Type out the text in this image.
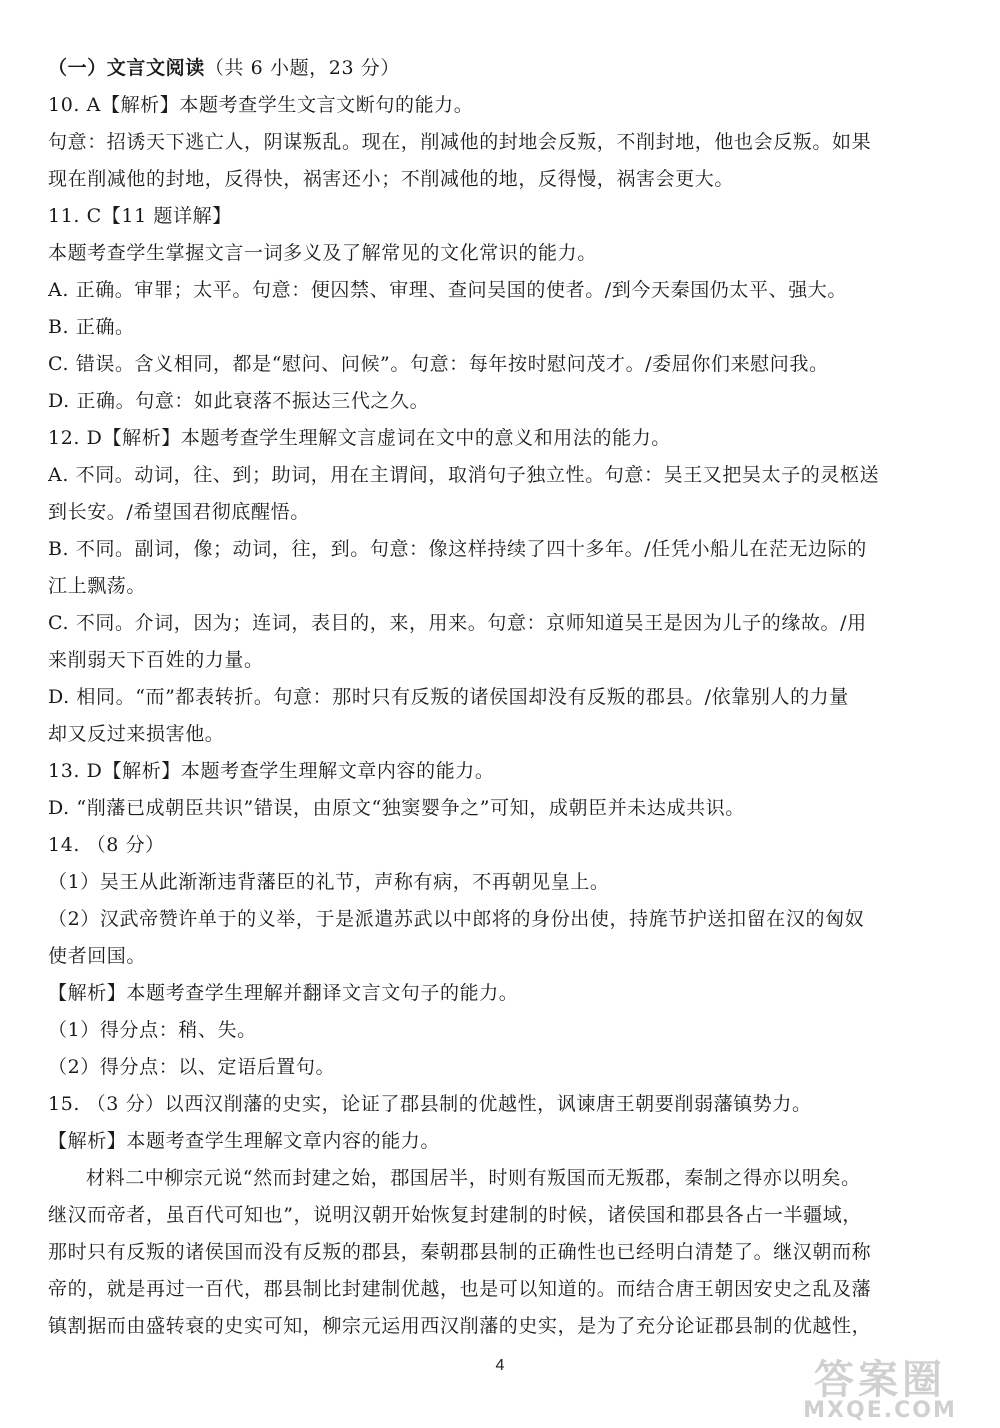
（一）文言文阅读（共 6 小题，23 分）
10. A【解析】本题考查学生文言文断句的能力。
句意：招诱天下逃亡人，阴谋叛乱。现在，削减他的封地会反叛，不削封地，他也会反叛。如果
现在削减他的封地，反得快，祸害还小；不削减他的地，反得慢，祸害会更大。
11. C【11 题详解】
本题考查学生掌握文言一词多义及了解常见的文化常识的能力。
A. 正确。审罪；太平。句意：便囚禁、审理、查问吴国的使者。/到今天秦国仍太平、强大。
B. 正确。
C. 错误。含义相同，都是“慰问、问候”。句意：每年按时慰问茂才。/委屈你们来慰问我。
D. 正确。句意：如此衰落不振达三代之久。
12. D【解析】本题考查学生理解文言虚词在文中的意义和用法的能力。
A. 不同。动词，往、到；助词，用在主谓间，取消句子独立性。句意：吴王又把吴太子的灵柩送
到长安。/希望国君彻底醒悟。
B. 不同。副词，像；动词，往，到。句意：像这样持续了四十多年。/任凭小船儿在茫无边际的
江上飘荡。
C. 不同。介词，因为；连词，表目的，来，用来。句意：京师知道吴王是因为儿子的缘故。/用
来削弱天下百姓的力量。
D. 相同。“而”都表转折。句意：那时只有反叛的诸侯国却没有反叛的郡县。/依靠别人的力量
却又反过来损害他。
13. D【解析】本题考查学生理解文章内容的能力。
D. “削藩已成朝臣共识”错误，由原文“独窦婴争之”可知，成朝臣并未达成共识。
14. （8 分）
（1）吴王从此渐渐违背藩臣的礼节，声称有病，不再朝见皇上。
（2）汉武帝赞许单于的义举，于是派遣苏武以中郎将的身份出使，持旄节护送扣留在汉的匈奴
使者回国。
【解析】本题考查学生理解并翻译文言文句子的能力。
（1）得分点：稍、失。
（2）得分点：以、定语后置句。
15. （3 分）以西汉削藩的史实，论证了郡县制的优越性，讽谏唐王朝要削弱藩镇势力。
【解析】本题考查学生理解文章内容的能力。
材料二中柳宗元说“然而封建之始，郡国居半，时则有叛国而无叛郡，秦制之得亦以明矣。
继汉而帝者，虽百代可知也”，说明汉朝开始恢复封建制的时候，诸侯国和郡县各占一半疆域，
那时只有反叛的诸侯国而没有反叛的郡县，秦朝郡县制的正确性也已经明白清楚了。继汉朝而称
帝的，就是再过一百代，郡县制比封建制优越，也是可以知道的。而结合唐王朝因安史之乱及藩
镇割据而由盛转衰的史实可知，柳宗元运用西汉削藩的史实，是为了充分论证郡县制的优越性，
4	答案圈
MXQE.COM
